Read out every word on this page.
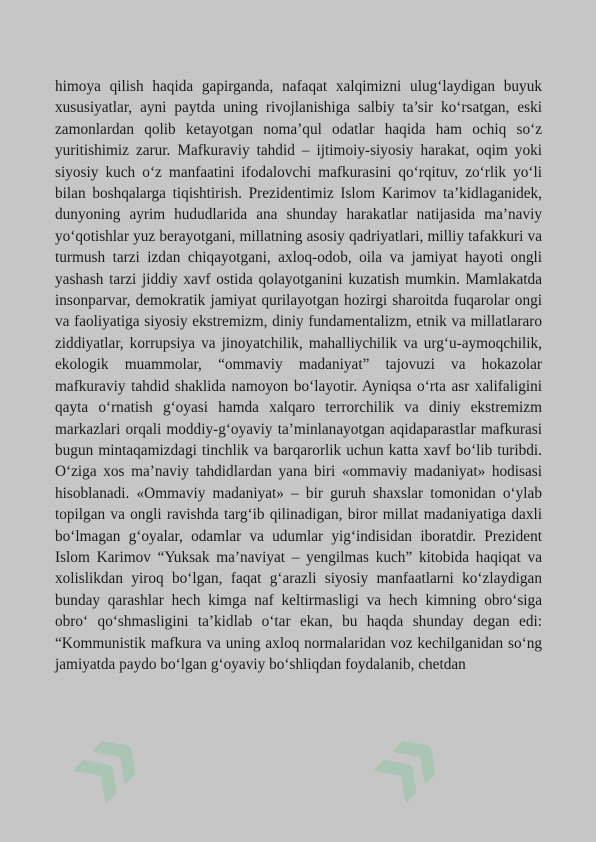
» »

himoya qilish haqida gapirganda, nafaqat xalqimizni ulug‘laydigan buyuk xususiyatlar, ayni paytda uning rivojlanishiga salbiy ta’sir ko‘rsatgan, eski zamonlardan qolib ketayotgan noma’qul odatlar haqida ham ochiq so‘z yuritishimiz zarur. Mafkuraviy tahdid – ijtimoiy-siyosiy harakat, oqim yoki siyosiy kuch o‘z manfaatini ifodalovchi mafkurasini qo‘rqituv, zo‘rlik yo‘li bilan boshqalarga tiqishtirish. Prezidentimiz Islom Karimov ta’kidlaganidek, dunyoning ayrim hududlarida ana shunday harakatlar natijasida ma’naviy yo‘qotishlar yuz berayotgani, millatning asosiy qadriyatlari, milliy tafakkuri va turmush tarzi izdan chiqayotgani, axloq-odob, oila va jamiyat hayoti ongli yashash tarzi jiddiy xavf ostida qolayotganini kuzatish mumkin. Mamlakatda insonparvar, demokratik jamiyat qurilayotgan hozirgi sharoitda fuqarolar ongi va faoliyatiga siyosiy ekstremizm, diniy fundamentalizm, etnik va millatlararo ziddiyatlar, korrupsiya va jinoyatchilik, mahalliychilik va urg‘u-aymoqchilik, ekologik muammolar, “ommaviy madaniyat” tajovuzi va hokazolar mafkuraviy tahdid shaklida namoyon bo‘layotir. Ayniqsa o‘rta asr xalifaligini qayta o‘rnatish g‘oyasi hamda xalqaro terrorchilik va diniy ekstremizm markazlari orqali moddiy-g‘oyaviy ta’minlanayotgan aqidaparastlar mafkurasi bugun mintaqamizdagi tinchlik va barqarorlik uchun katta xavf bo‘lib turibdi. O‘ziga xos ma’naviy tahdidlardan yana biri «ommaviy madaniyat» hodisasi hisoblanadi. «Ommaviy madaniyat» – bir guruh shaxslar tomonidan o‘ylab topilgan va ongli ravishda targ‘ib qilinadigan, biror millat madaniyatiga daxli bo‘lmagan g‘oyalar, odamlar va udumlar yig‘indisidan iboratdir. Prezident Islom Karimov “Yuksak ma’naviyat – yengilmas kuch” kitobida haqiqat va xolislikdan yiroq bo‘lgan, faqat g‘arazli siyosiy manfaatlarni ko‘zlaydigan bunday qarashlar hech kimga naf keltirmasligi va hech kimning obro‘siga obro‘ qo‘shmasligini ta’kidlab o‘tar ekan, bu haqda shunday degan edi: “Kommunistik mafkura va uning axloq normalaridan voz kechilganidan so‘ng jamiyatda paydo bo‘lgan g‘oyaviy bo‘shliqdan foydalanib, chetdan
